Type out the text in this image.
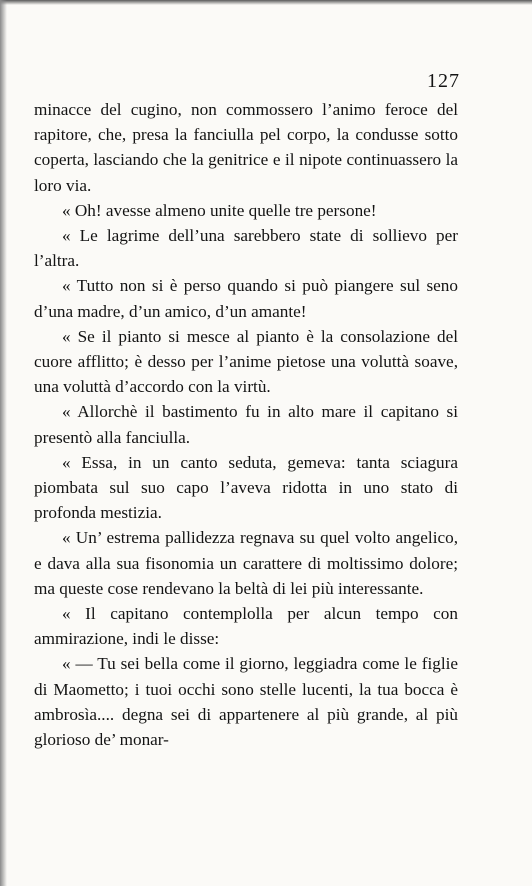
127

minacce del cugino, non commossero l’animo feroce del rapitore, che, presa la fanciulla pel corpo, la condusse sotto coperta, lasciando che la genitrice e il nipote continuassero la loro via.

« Oh! avesse almeno unite quelle tre persone!

« Le lagrime dell’una sarebbero state di sollievo per l’altra.

« Tutto non si è perso quando si può piangere sul seno d’una madre, d’un amico, d’un amante!

« Se il pianto si mesce al pianto è la consolazione del cuore afflitto; è desso per l’anime pietose una voluttà soave, una voluttà d’accordo con la virtù.

« Allorchè il bastimento fu in alto mare il capitano si presentò alla fanciulla.

« Essa, in un canto seduta, gemeva: tanta sciagura piombata sul suo capo l’aveva ridotta in uno stato di profonda mestizia.

« Un’ estrema pallidezza regnava su quel volto angelico, e dava alla sua fisonomia un carattere di moltissimo dolore; ma queste cose rendevano la beltà di lei più interessante.

« Il capitano contemplolla per alcun tempo con ammirazione, indi le disse:

« — Tu sei bella come il giorno, leggiadra come le figlie di Maometto; i tuoi occhi sono stelle lucenti, la tua bocca è ambrosìa.... degna sei di appartenere al più grande, al più glorioso de’ monar-
